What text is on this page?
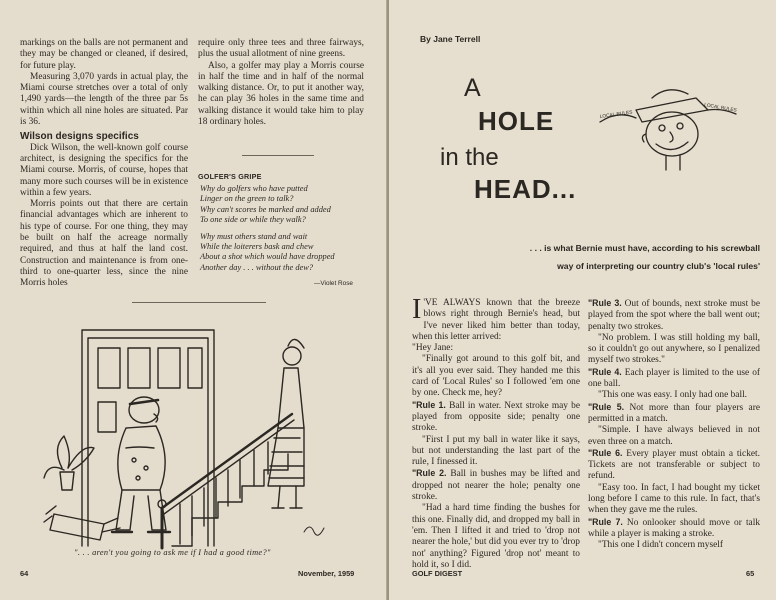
markings on the balls are not permanent and they may be changed or cleaned, if desired, for future play.

Measuring 3,070 yards in actual play, the Miami course stretches over a total of only 1,490 yards—the length of the three par 5s within which all nine holes are situated. Par is 36.

Wilson designs specifics

Dick Wilson, the well-known golf course architect, is designing the specifics for the Miami course. Morris, of course, hopes that many more such courses will be in existence within a few years.

Morris points out that there are certain financial advantages which are inherent to his type of course. For one thing, they may be built on half the acreage normally required, and thus at half the land cost. Construction and maintenance is from one-third to one-quarter less, since the nine Morris holes

require only three tees and three fairways, plus the usual allotment of nine greens.

Also, a golfer may play a Morris course in half the time and in half of the normal walking distance. Or, to put it another way, he can play 36 holes in the same time and walking distance it would take him to play 18 ordinary holes.

GOLFER'S GRIPE
Why do golfers who have putted
Linger on the green to talk?
Why can't scores be marked and added
To one side or while they walk?
Why must others stand and wait
While the loiterers bask and chew
About a shot which would have dropped
Another day . . . without the dew?
—Violet Rose
". . . aren't you going to ask me if I had a good time?"
64	November, 1959
By Jane Terrell
A
HOLE
in the
HEAD...
LOCAL RULES
LOCAL RULES
. . . is what Bernie must have, according to his screwball
way of interpreting our country club's 'local rules'

I 'VE ALWAYS known that the breeze blows right through Bernie's head, but I've never liked him better than today, when this letter arrived:

"Hey Jane:

"Finally got around to this golf bit, and it's all you ever said. They handed me this card of 'Local Rules' so I followed 'em one by one. Check me, hey?

"Rule 1. Ball in water. Next stroke may be played from opposite side; penalty one stroke.

"First I put my ball in water like it says, but not understanding the last part of the rule, I finessed it.

"Rule 2. Ball in bushes may be lifted and dropped not nearer the hole; penalty one stroke.

"Had a hard time finding the bushes for this one. Finally did, and dropped my ball in 'em. Then I lifted it and tried to 'drop not nearer the hole,' but did you ever try to 'drop not' anything? Figured 'drop not' meant to hold it, so I did.

"Rule 3. Out of bounds, next stroke must be played from the spot where the ball went out; penalty two strokes.

"No problem. I was still holding my ball, so it couldn't go out anywhere, so I penalized myself two strokes."

"Rule 4. Each player is limited to the use of one ball.

"This one was easy. I only had one ball.

"Rule 5. Not more than four players are permitted in a match.

"Simple. I have always believed in not even three on a match.

"Rule 6. Every player must obtain a ticket. Tickets are not transferable or subject to refund.

"Easy too. In fact, I had bought my ticket long before I came to this rule. In fact, that's when they gave me the rules.

"Rule 7. No onlooker should move or talk while a player is making a stroke.

"This one I didn't concern myself

GOLF DIGEST	65
